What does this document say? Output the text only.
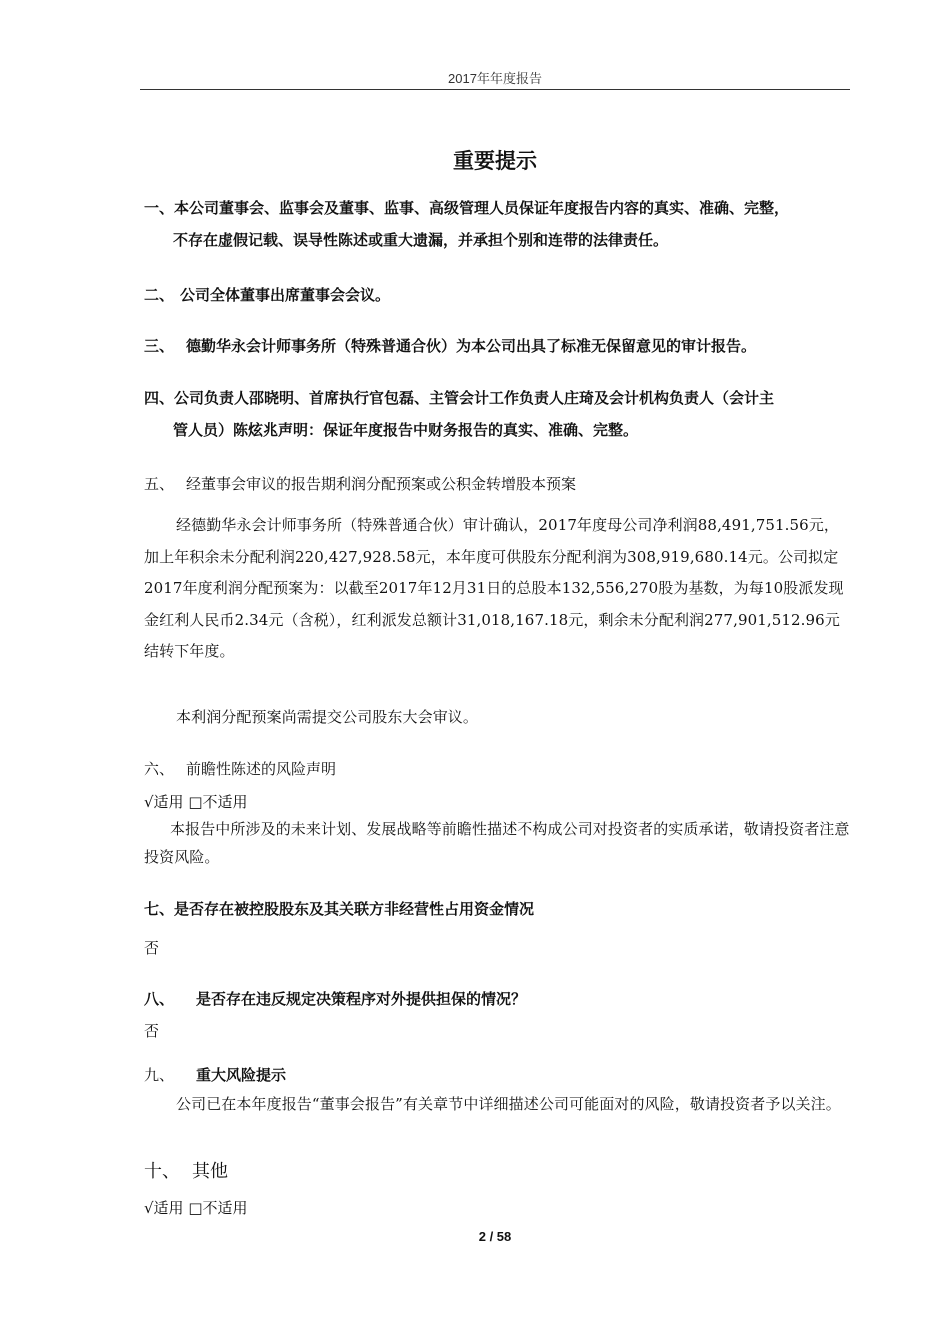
2017年年度报告
重要提示
一、本公司董事会、监事会及董事、监事、高级管理人员保证年度报告内容的真实、准确、完整，
不存在虚假记载、误导性陈述或重大遗漏，并承担个别和连带的法律责任。
二、 公司全体董事出席董事会会议。
三、 德勤华永会计师事务所（特殊普通合伙）为本公司出具了标准无保留意见的审计报告。
四、公司负责人邵晓明、首席执行官包磊、主管会计工作负责人庄琦及会计机构负责人（会计主
管人员）陈炫兆声明：保证年度报告中财务报告的真实、准确、完整。
五、 经董事会审议的报告期利润分配预案或公积金转增股本预案
经德勤华永会计师事务所（特殊普通合伙）审计确认，2017年度母公司净利润88,491,751.56元，加上年积余未分配利润220,427,928.58元，本年度可供股东分配利润为308,919,680.14元。公司拟定2017年度利润分配预案为：以截至2017年12月31日的总股本132,556,270股为基数，为每10股派发现金红利人民币2.34元（含税），红利派发总额计31,018,167.18元，剩余未分配利润277,901,512.96元结转下年度。
本利润分配预案尚需提交公司股东大会审议。
六、 前瞻性陈述的风险声明
√适用 □不适用
本报告中所涉及的未来计划、发展战略等前瞻性描述不构成公司对投资者的实质承诺，敬请投资者注意投资风险。
七、是否存在被控股股东及其关联方非经营性占用资金情况
否
八、 是否存在违反规定决策程序对外提供担保的情况？
否
九、 重大风险提示
公司已在本年度报告“董事会报告”有关章节中详细描述公司可能面对的风险，敬请投资者予以关注。
十、 其他
√适用 □不适用
2 / 58
